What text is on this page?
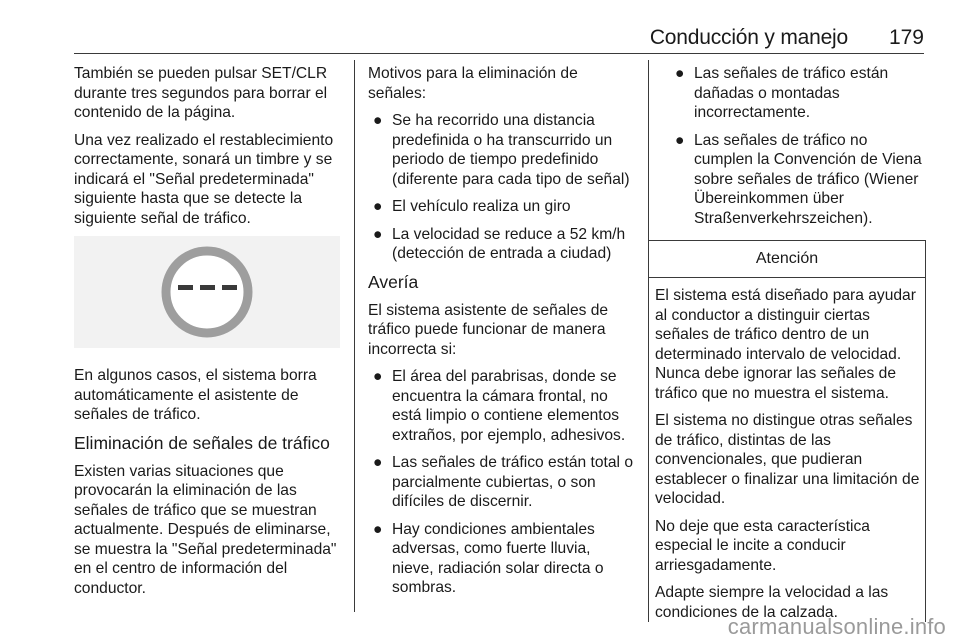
Conducción y manejo 179

También se pueden pulsar SET/CLR durante tres segundos para borrar el contenido de la página.

Una vez realizado el restablecimiento correctamente, sonará un timbre y se indicará el "Señal predeterminada" siguiente hasta que se detecte la siguiente señal de tráfico.

En algunos casos, el sistema borra automáticamente el asistente de señales de tráfico.

Eliminación de señales de tráfico

Existen varias situaciones que provocarán la eliminación de las señales de tráfico que se muestran actualmente. Después de eliminarse, se muestra la "Señal predeterminada" en el centro de información del conductor.

Motivos para la eliminación de señales:

● Se ha recorrido una distancia predefinida o ha transcurrido un periodo de tiempo predefinido (diferente para cada tipo de señal)
● El vehículo realiza un giro
● La velocidad se reduce a 52 km/h (detección de entrada a ciudad)
Avería

El sistema asistente de señales de tráfico puede funcionar de manera incorrecta si:

● El área del parabrisas, donde se encuentra la cámara frontal, no está limpio o contiene elementos extraños, por ejemplo, adhesivos.
● Las señales de tráfico están total o parcialmente cubiertas, o son difíciles de discernir.
● Hay condiciones ambientales adversas, como fuerte lluvia, nieve, radiación solar directa o sombras.
● Las señales de tráfico están dañadas o montadas incorrectamente.
● Las señales de tráfico no cumplen la Convención de Viena sobre señales de tráfico (Wiener Übereinkommen über Straßenverkehrszeichen).
Atención

El sistema está diseñado para ayudar al conductor a distinguir ciertas señales de tráfico dentro de un determinado intervalo de velocidad. Nunca debe ignorar las señales de tráfico que no muestra el sistema.

El sistema no distingue otras señales de tráfico, distintas de las convencionales, que pudieran establecer o finalizar una limitación de velocidad.

No deje que esta característica especial le incite a conducir arriesgadamente.

Adapte siempre la velocidad a las condiciones de la calzada.

carmanualsonline.info
